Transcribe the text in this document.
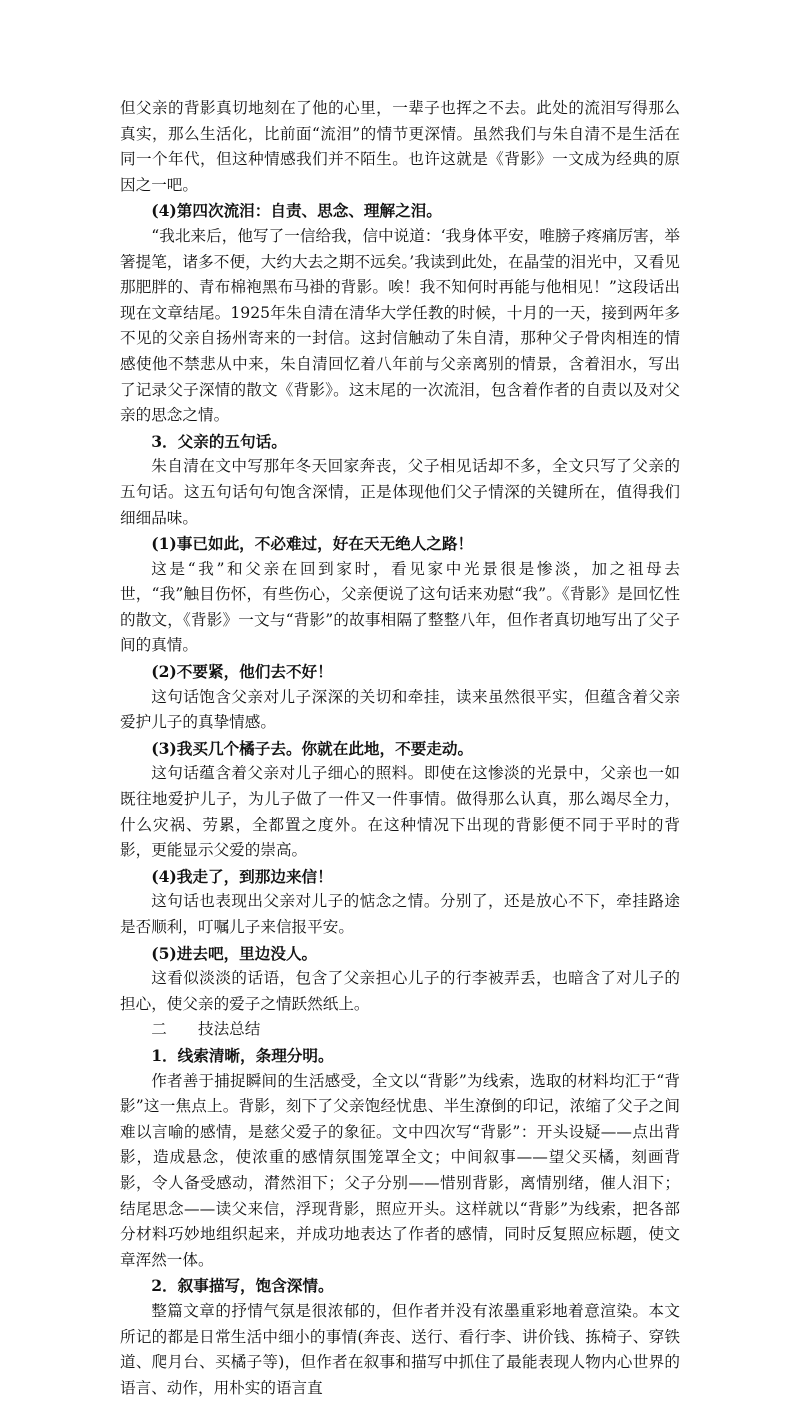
但父亲的背影真切地刻在了他的心里，一辈子也挥之不去。此处的流泪写得那么真实，那么生活化，比前面“流泪”的情节更深情。虽然我们与朱自清不是生活在同一个年代，但这种情感我们并不陌生。也许这就是《背影》一文成为经典的原因之一吧。

(4)第四次流泪：自责、思念、理解之泪。

“我北来后，他写了一信给我，信中说道：‘我身体平安，唯膀子疼痛厉害，举箸提笔，诸多不便，大约大去之期不远矣。’我读到此处，在晶莹的泪光中，又看见那肥胖的、青布棉袍黑布马褂的背影。唉！我不知何时再能与他相见！”这段话出现在文章结尾。1925年朱自清在清华大学任教的时候，十月的一天，接到两年多不见的父亲自扬州寄来的一封信。这封信触动了朱自清，那种父子骨肉相连的情感使他不禁悲从中来，朱自清回忆着八年前与父亲离别的情景，含着泪水，写出了记录父子深情的散文《背影》。这末尾的一次流泪，包含着作者的自责以及对父亲的思念之情。

3．父亲的五句话。

朱自清在文中写那年冬天回家奔丧，父子相见话却不多，全文只写了父亲的五句话。这五句话句句饱含深情，正是体现他们父子情深的关键所在，值得我们细细品味。

(1)事已如此，不必难过，好在天无绝人之路！

这是“我”和父亲在回到家时，看见家中光景很是惨淡，加之祖母去世，“我”触目伤怀，有些伤心，父亲便说了这句话来劝慰“我”。《背影》是回忆性的散文，《背影》一文与“背影”的故事相隔了整整八年，但作者真切地写出了父子间的真情。

(2)不要紧，他们去不好！

这句话饱含父亲对儿子深深的关切和牵挂，读来虽然很平实，但蕴含着父亲爱护儿子的真挚情感。

(3)我买几个橘子去。你就在此地，不要走动。

这句话蕴含着父亲对儿子细心的照料。即使在这惨淡的光景中，父亲也一如既往地爱护儿子，为儿子做了一件又一件事情。做得那么认真，那么竭尽全力，什么灾祸、劳累，全都置之度外。在这种情况下出现的背影便不同于平时的背影，更能显示父爱的崇高。

(4)我走了，到那边来信！

这句话也表现出父亲对儿子的惦念之情。分别了，还是放心不下，牵挂路途是否顺利，叮嘱儿子来信报平安。

(5)进去吧，里边没人。

这看似淡淡的话语，包含了父亲担心儿子的行李被弄丢，也暗含了对儿子的担心，使父亲的爱子之情跃然纸上。

二 技法总结

1．线索清晰，条理分明。

作者善于捕捉瞬间的生活感受，全文以“背影”为线索，选取的材料均汇于“背影”这一焦点上。背影，刻下了父亲饱经忧患、半生潦倒的印记，浓缩了父子之间难以言喻的感情，是慈父爱子的象征。文中四次写“背影”：开头设疑——点出背影，造成悬念，使浓重的感情氛围笼罩全文；中间叙事——望父买橘，刻画背影，令人备受感动，潸然泪下；父子分别——惜别背影，离情别绪，催人泪下；结尾思念——读父来信，浮现背影，照应开头。这样就以“背影”为线索，把各部分材料巧妙地组织起来，并成功地表达了作者的感情，同时反复照应标题，使文章浑然一体。

2．叙事描写，饱含深情。

整篇文章的抒情气氛是很浓郁的，但作者并没有浓墨重彩地着意渲染。本文所记的都是日常生活中细小的事情(奔丧、送行、看行李、讲价钱、拣椅子、穿铁道、爬月台、买橘子等)，但作者在叙事和描写中抓住了最能表现人物内心世界的语言、动作，用朴实的语言直
